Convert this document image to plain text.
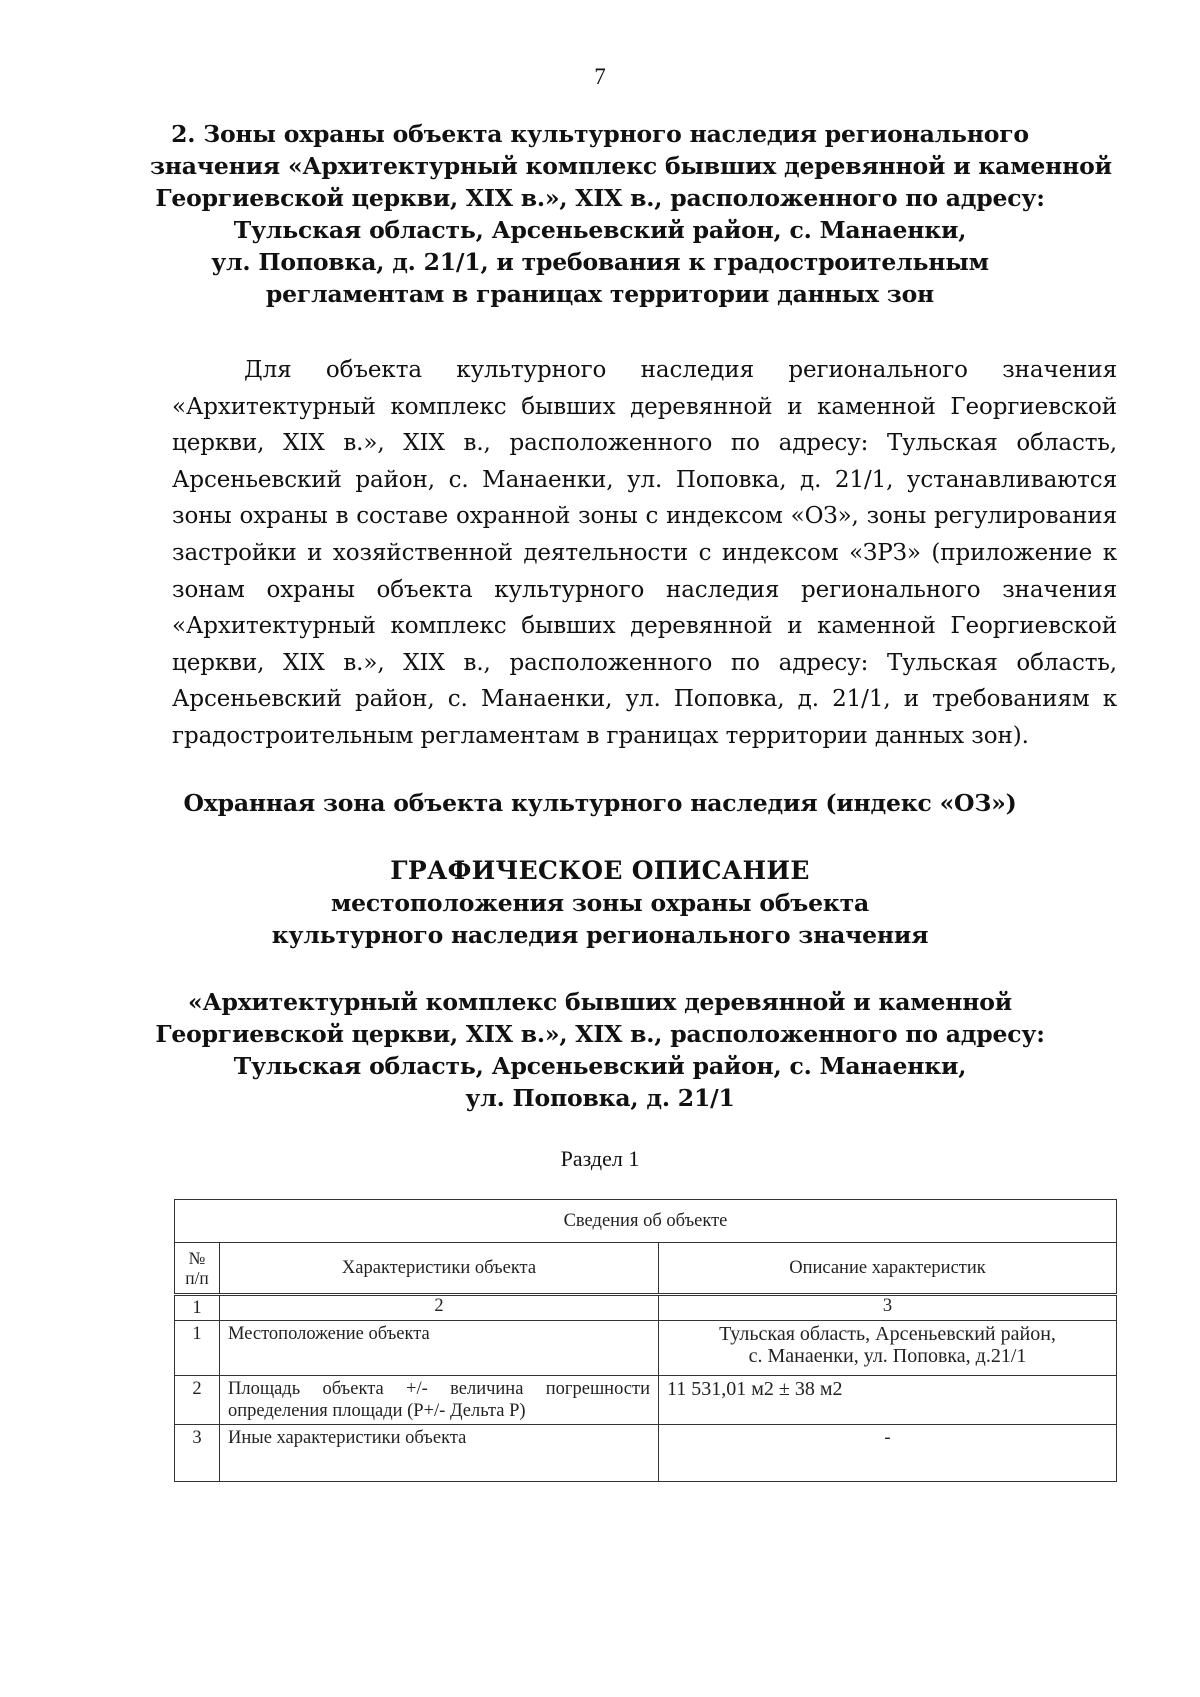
7
2. Зоны охраны объекта культурного наследия регионального
значения «Архитектурный комплекс бывших деревянной и каменной
Георгиевской церкви, XIX в.», XIX в., расположенного по адресу:
Тульская область, Арсеньевский район, с. Манаенки,
ул. Поповка, д. 21/1, и требования к градостроительным
регламентам в границах территории данных зон

Для объекта культурного наследия регионального значения «Архитектурный комплекс бывших деревянной и каменной Георгиевской церкви, XIX в.», XIX в., расположенного по адресу: Тульская область, Арсеньевский район, с. Манаенки, ул. Поповка, д. 21/1, устанавливаются зоны охраны в составе охранной зоны с индексом «ОЗ», зоны регулирования застройки и хозяйственной деятельности с индексом «ЗРЗ» (приложение к зонам охраны объекта культурного наследия регионального значения «Архитектурный комплекс бывших деревянной и каменной Георгиевской церкви, XIX в.», XIX в., расположенного по адресу: Тульская область, Арсеньевский район, с. Манаенки, ул. Поповка, д. 21/1, и требованиям к градостроительным регламентам в границах территории данных зон).

Охранная зона объекта культурного наследия (индекс «ОЗ»)
ГРАФИЧЕСКОЕ ОПИСАНИЕ
местоположения зоны охраны объекта
культурного наследия регионального значения
«Архитектурный комплекс бывших деревянной и каменной
Георгиевской церкви, XIX в.», XIX в., расположенного по адресу:
Тульская область, Арсеньевский район, с. Манаенки,
ул. Поповка, д. 21/1
Раздел 1
Сведения об объекте		

№
п/п	Характеристики объекта	Описание характеристик
1	2	3
1	Местоположение объекта	Тульская область, Арсеньевский район,
с. Манаенки, ул. Поповка, д.21/1

2	Площадь объекта +/- величина погрешности
определения площади (Р+/- Дельта Р)	11 531,01 м2 ± 38 м2
3	Иные характеристики объекта	-
